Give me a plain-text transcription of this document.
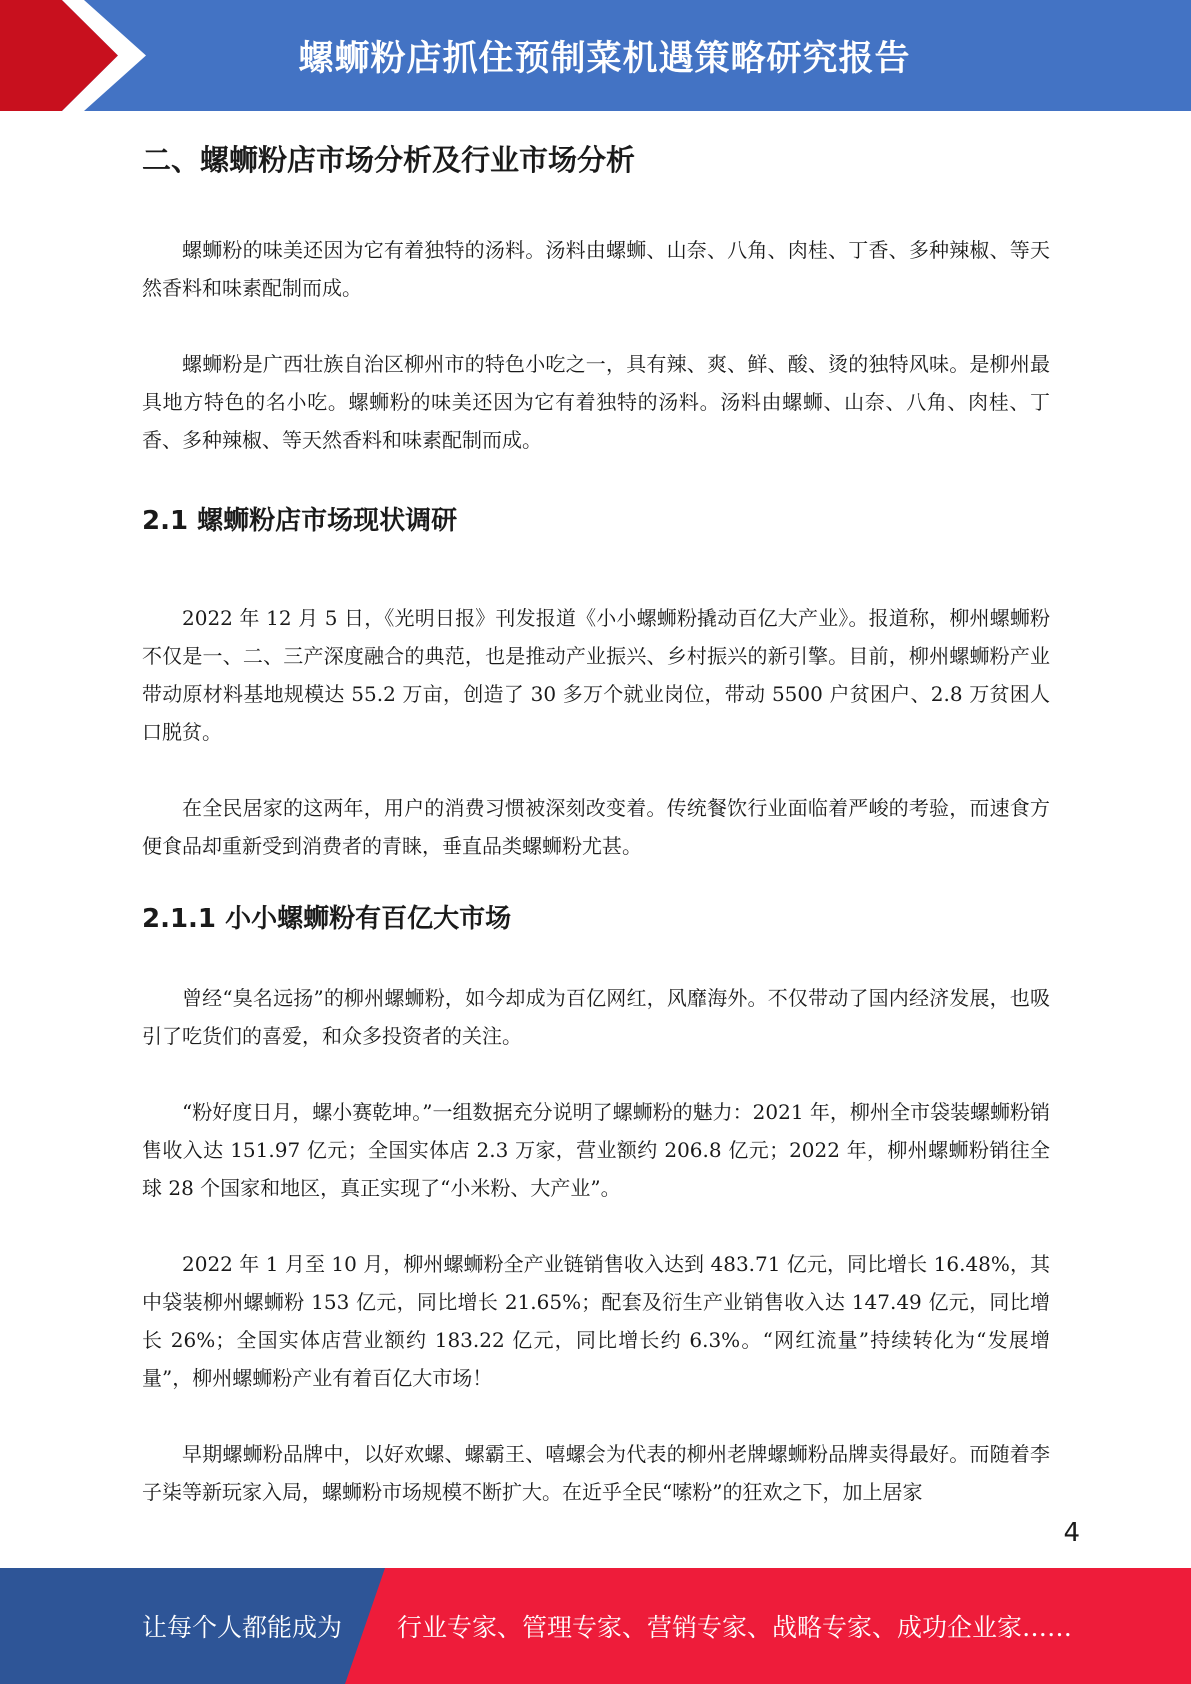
螺蛳粉店抓住预制菜机遇策略研究报告
二、螺蛳粉店市场分析及行业市场分析

螺蛳粉的味美还因为它有着独特的汤料。汤料由螺蛳、山奈、八角、肉桂、丁香、多种辣椒、等天然香料和味素配制而成。

螺蛳粉是广西壮族自治区柳州市的特色小吃之一，具有辣、爽、鲜、酸、烫的独特风味。是柳州最具地方特色的名小吃。螺蛳粉的味美还因为它有着独特的汤料。汤料由螺蛳、山奈、八角、肉桂、丁香、多种辣椒、等天然香料和味素配制而成。

2.1 螺蛳粉店市场现状调研

2022 年 12 月 5 日，《光明日报》刊发报道《小小螺蛳粉撬动百亿大产业》。报道称，柳州螺蛳粉不仅是一、二、三产深度融合的典范，也是推动产业振兴、乡村振兴的新引擎。目前，柳州螺蛳粉产业带动原材料基地规模达 55.2 万亩，创造了 30 多万个就业岗位，带动 5500 户贫困户、2.8 万贫困人口脱贫。

在全民居家的这两年，用户的消费习惯被深刻改变着。传统餐饮行业面临着严峻的考验，而速食方便食品却重新受到消费者的青睐，垂直品类螺蛳粉尤甚。

2.1.1 小小螺蛳粉有百亿大市场

曾经“臭名远扬”的柳州螺蛳粉，如今却成为百亿网红，风靡海外。不仅带动了国内经济发展，也吸引了吃货们的喜爱，和众多投资者的关注。

“粉好度日月，螺小赛乾坤。”一组数据充分说明了螺蛳粉的魅力：2021 年，柳州全市袋装螺蛳粉销售收入达 151.97 亿元；全国实体店 2.3 万家，营业额约 206.8 亿元；2022 年，柳州螺蛳粉销往全球 28 个国家和地区，真正实现了“小米粉、大产业”。

2022 年 1 月至 10 月，柳州螺蛳粉全产业链销售收入达到 483.71 亿元，同比增长 16.48%，其中袋装柳州螺蛳粉 153 亿元，同比增长 21.65%；配套及衍生产业销售收入达 147.49 亿元，同比增长 26%；全国实体店营业额约 183.22 亿元，同比增长约 6.3%。“网红流量”持续转化为“发展增量”，柳州螺蛳粉产业有着百亿大市场！

早期螺蛳粉品牌中，以好欢螺、螺霸王、嘻螺会为代表的柳州老牌螺蛳粉品牌卖得最好。而随着李子柒等新玩家入局，螺蛳粉市场规模不断扩大。在近乎全民“嗦粉”的狂欢之下，加上居家

4
让每个人都能成为 行业专家、管理专家、营销专家、战略专家、成功企业家……
